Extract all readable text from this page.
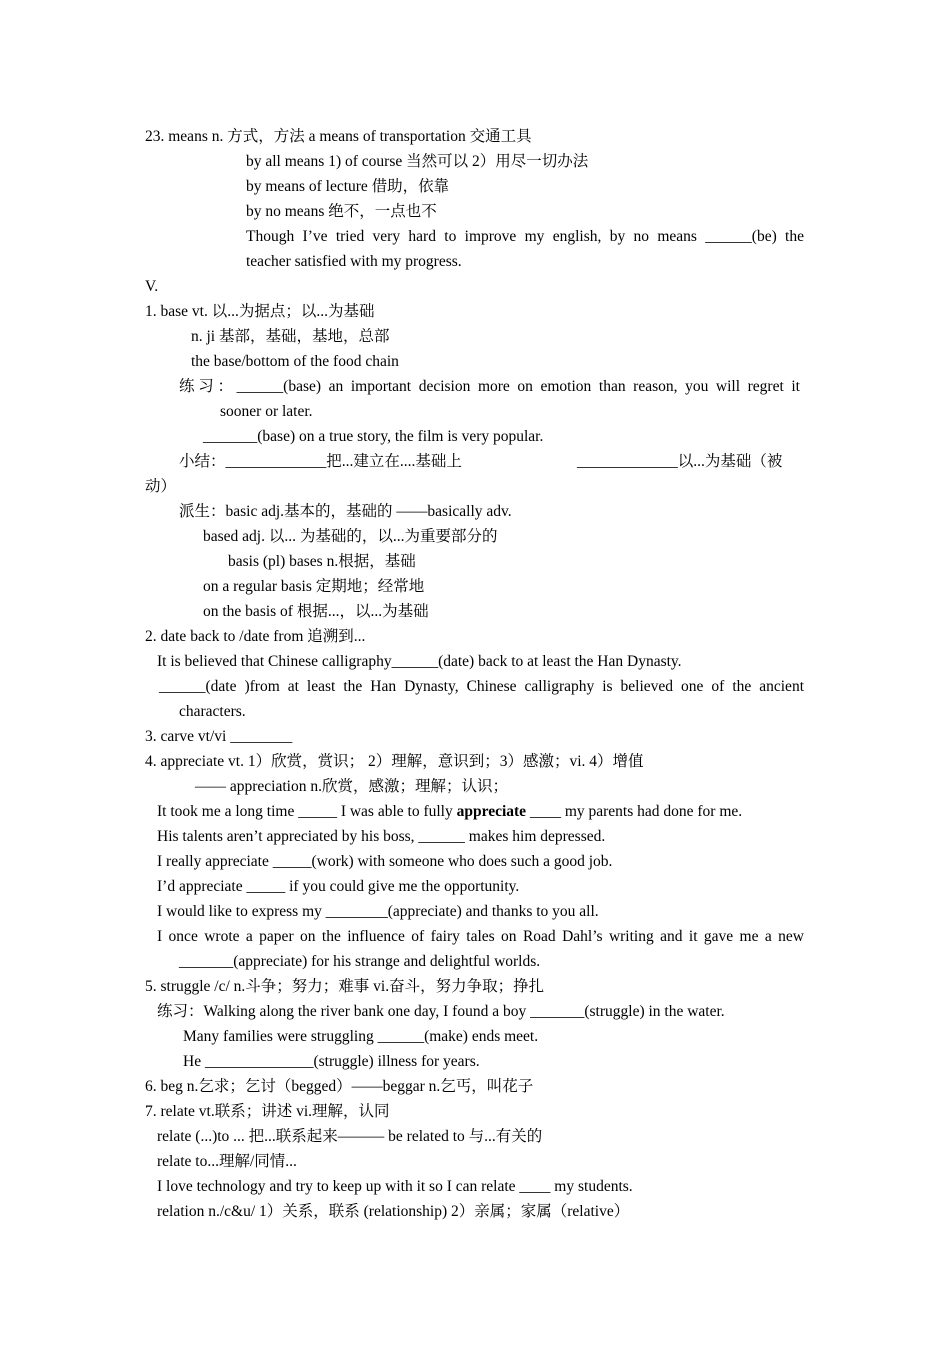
23. means n. 方式，方法 a means of transportation 交通工具
by all means 1) of course 当然可以 2）用尽一切办法
by means of lecture 借助，依靠
by no means 绝不，一点也不
Though I’ve tried very hard to improve my english, by no means ______(be) the
teacher satisfied with my progress.
V.
1. base vt. 以...为据点；以...为基础
n. ji 基部，基础，基地，总部
the base/bottom of the food chain
练习：______(base) an important decision more on emotion than reason, you will regret it
sooner or later.
_______(base) on a true story, the film is very popular.
小结：_____________把...建立在....基础上	_____________以...为基础（被
动）
派生：basic adj.基本的，基础的 ——basically adv.
based adj. 以... 为基础的，以...为重要部分的
basis (pl) bases n.根据，基础
on a regular basis 定期地；经常地
on the basis of 根据...，以...为基础
2. date back to /date from 追溯到...
It is believed that Chinese calligraphy______(date) back to at least the Han Dynasty.
______(date )from at least the Han Dynasty, Chinese calligraphy is believed one of the ancient
characters.
3. carve vt/vi ________
4. appreciate vt. 1）欣赏，赏识； 2）理解，意识到；3）感激；vi. 4）增值
—— appreciation n.欣赏，感激；理解；认识；
It took me a long time _____ I was able to fully appreciate ____ my parents had done for me.
His talents aren’t appreciated by his boss, ______ makes him depressed.
I really appreciate _____(work) with someone who does such a good job.
I’d appreciate _____ if you could give me the opportunity.
I would like to express my ________(appreciate) and thanks to you all.
I once wrote a paper on the influence of fairy tales on Road Dahl’s writing and it gave me a new
_______(appreciate) for his strange and delightful worlds.
5. struggle /c/ n.斗争；努力；难事 vi.奋斗，努力争取；挣扎
练习：Walking along the river bank one day, I found a boy _______(struggle) in the water.
Many families were struggling ______(make) ends meet.
He ______________(struggle) illness for years.
6. beg n.乞求；乞讨（begged）——beggar n.乞丐，叫花子
7. relate vt.联系；讲述 vi.理解，认同
relate (...)to ... 把...联系起来——— be related to 与...有关的
relate to...理解/同情...
I love technology and try to keep up with it so I can relate ____ my students.
relation n./c&u/ 1）关系，联系 (relationship) 2）亲属；家属（relative）
